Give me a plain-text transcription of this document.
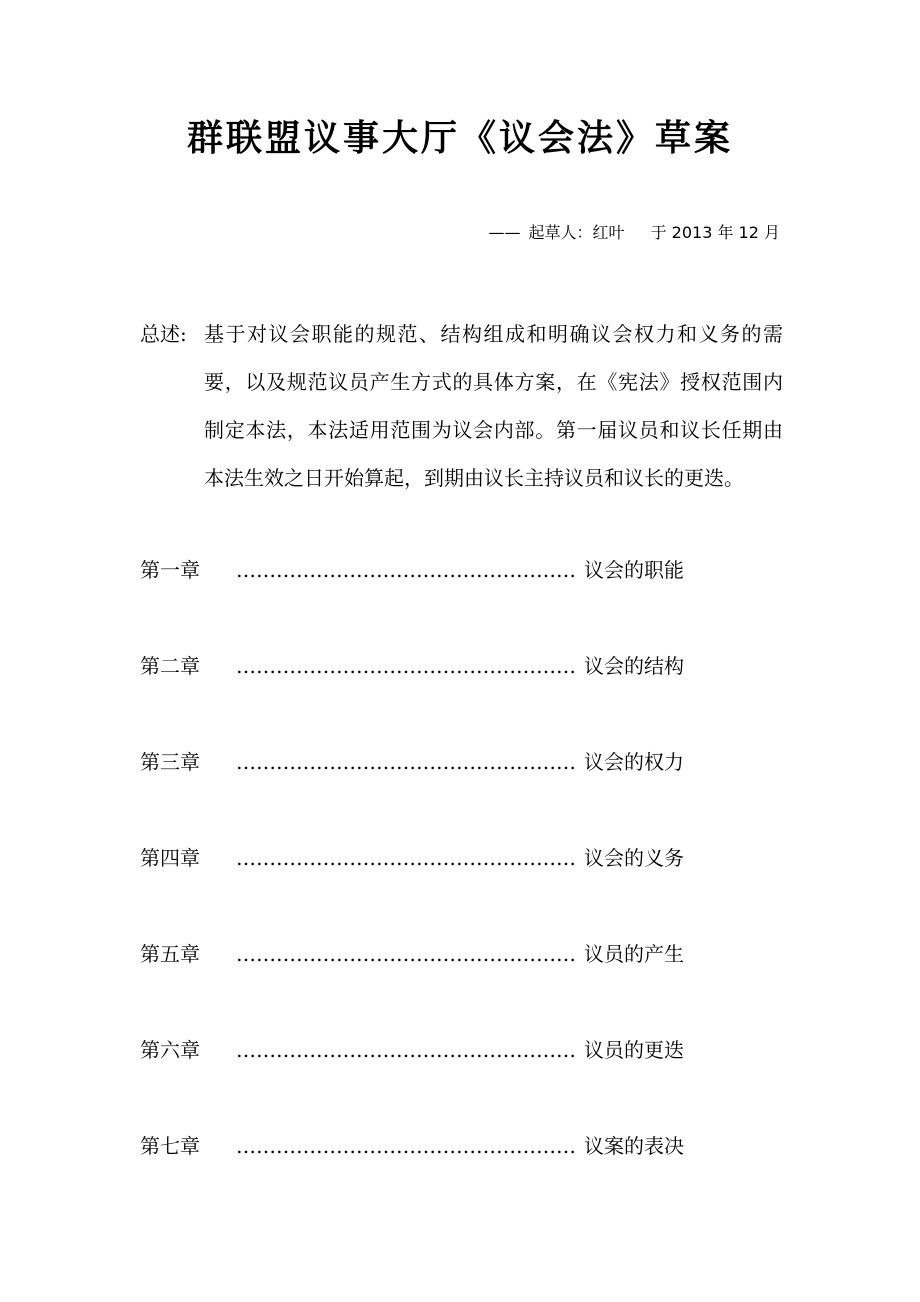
群联盟议事大厅《议会法》草案
—— 起草人：红叶 于 2013 年 12 月
总述: 基于对议会职能的规范、结构组成和明确议会权力和义务的需要，以及规范议员产生方式的具体方案，在《宪法》授权范围内制定本法，本法适用范围为议会内部。第一届议员和议长任期由本法生效之日开始算起，到期由议长主持议员和议长的更迭。
第一章 …………………………………………… 议会的职能
第二章 …………………………………………… 议会的结构
第三章 …………………………………………… 议会的权力
第四章 …………………………………………… 议会的义务
第五章 …………………………………………… 议员的产生
第六章 …………………………………………… 议员的更迭
第七章 …………………………………………… 议案的表决
